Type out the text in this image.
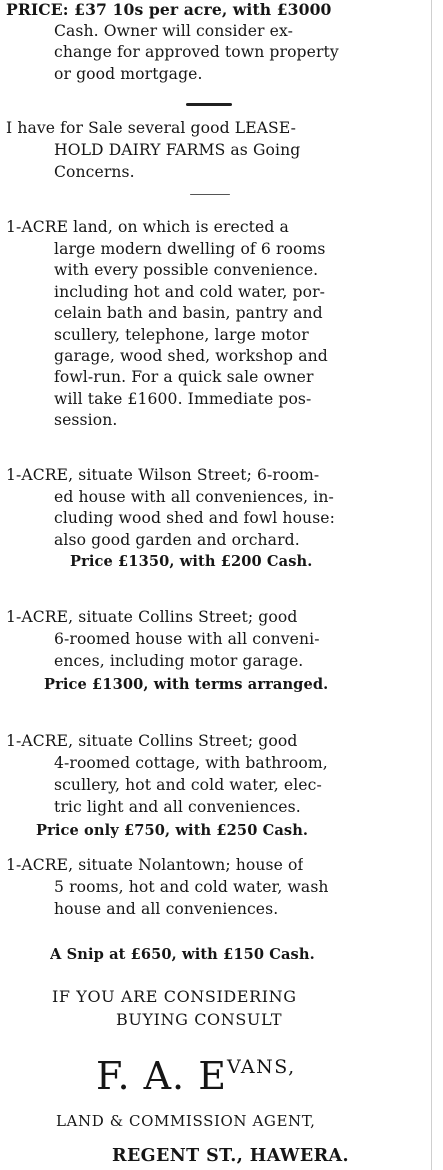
PRICE: £37 10s per acre, with £3000
Cash. Owner will consider ex-
change for approved town property
or good mortgage.
I have for Sale several good LEASE-
HOLD DAIRY FARMS as Going
Concerns.
1-ACRE land, on which is erected a
large modern dwelling of 6 rooms
with every possible convenience.
including hot and cold water, por-
celain bath and basin, pantry and
scullery, telephone, large motor
garage, wood shed, workshop and
fowl-run. For a quick sale owner
will take £1600. Immediate pos-
session.
1-ACRE, situate Wilson Street; 6-room-
ed house with all conveniences, in-
cluding wood shed and fowl house:
also good garden and orchard.
Price £1350, with £200 Cash.
1-ACRE, situate Collins Street; good
6-roomed house with all conveni-
ences, including motor garage.
Price £1300, with terms arranged.
1-ACRE, situate Collins Street; good
4-roomed cottage, with bathroom,
scullery, hot and cold water, elec-
tric light and all conveniences.
Price only £750, with £250 Cash.
1-ACRE, situate Nolantown; house of
5 rooms, hot and cold water, wash
house and all conveniences.
A Snip at £650, with £150 Cash.
IF YOU ARE CONSIDERING
BUYING CONSULT
F. A. $E^{VANS,}$
LAND & COMMISSION AGENT,
REGENT ST., HAWERA.
